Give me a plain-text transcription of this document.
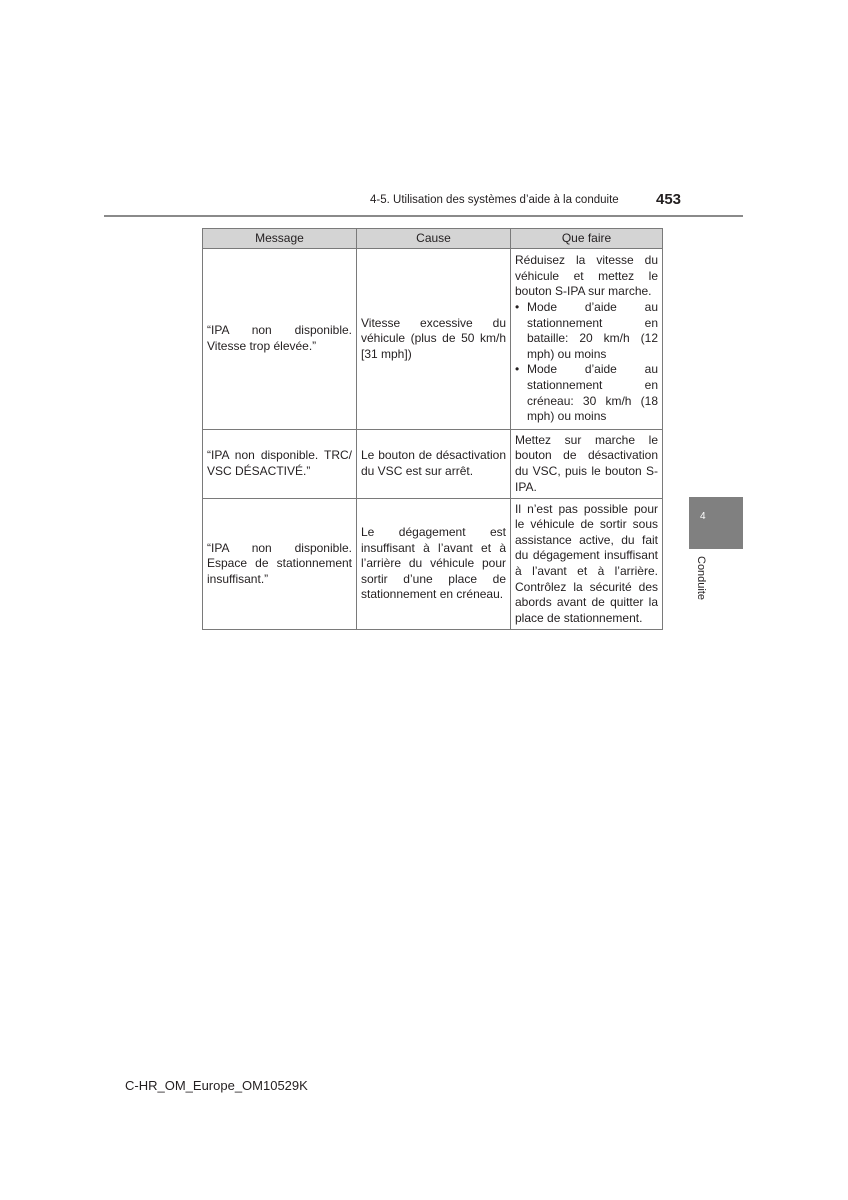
4-5. Utilisation des systèmes d’aide à la conduite 453
Message	Cause	Que faire
“IPA non disponible. Vitesse trop élevée.”	Vitesse excessive du véhicule (plus de 50 km/h [31 mph])	Réduisez la vitesse du véhicule et mettez le bouton S-IPA sur marche.
• Mode d’aide au stationnement en bataille: 20 km/h (12 mph) ou moins
• Mode d’aide au stationnement en créneau: 30 km/h (18 mph) ou moins

“IPA non disponible. TRC/ VSC DÉSACTIVÉ.”	Le bouton de désactivation du VSC est sur arrêt.	Mettez sur marche le bouton de désactivation du VSC, puis le bouton S-IPA.
“IPA non disponible. Espace de stationnement insuffisant.”	Le dégagement est insuffisant à l’avant et à l’arrière du véhicule pour sortir d’une place de stationnement en créneau.	Il n’est pas possible pour le véhicule de sortir sous assistance active, du fait du dégagement insuffisant à l’avant et à l’arrière. Contrôlez la sécurité des abords avant de quitter la place de stationnement.
4
Conduite
C-HR_OM_Europe_OM10529K
